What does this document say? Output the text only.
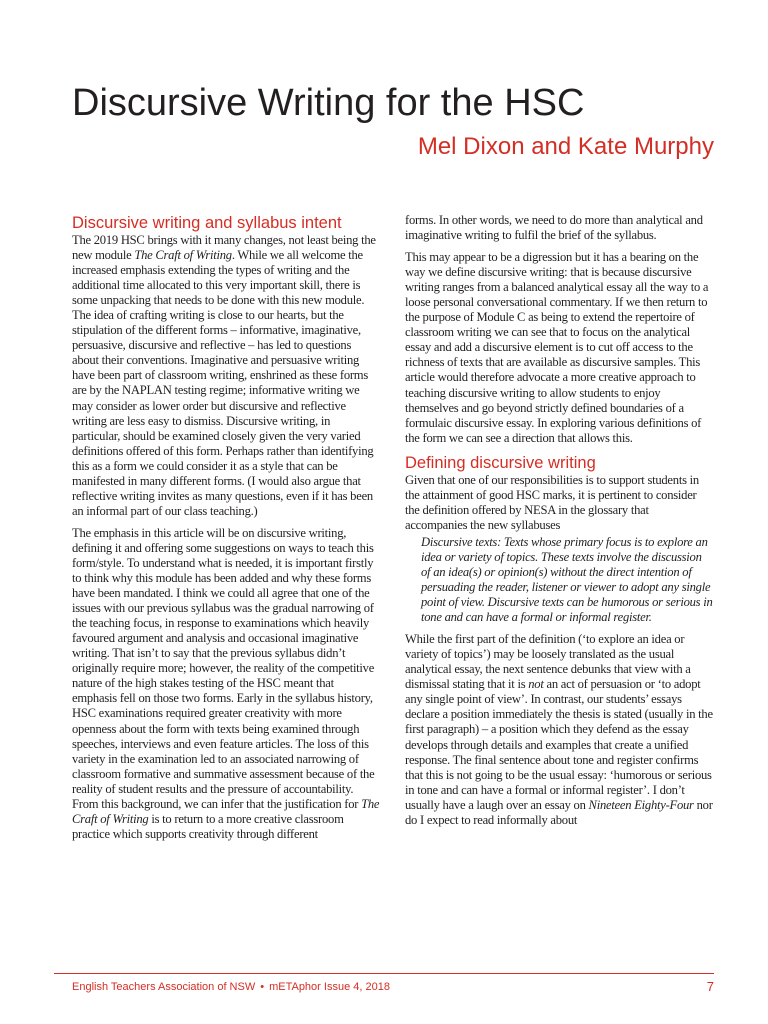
Discursive Writing for the HSC
Mel Dixon and Kate Murphy
Discursive writing and syllabus intent

The 2019 HSC brings with it many changes, not least being the new module The Craft of Writing. While we all welcome the increased emphasis extending the types of writing and the additional time allocated to this very important skill, there is some unpacking that needs to be done with this new module. The idea of crafting writing is close to our hearts, but the stipulation of the different forms – informative, imaginative, persuasive, discursive and reflective – has led to questions about their conventions. Imaginative and persuasive writing have been part of classroom writing, enshrined as these forms are by the NAPLAN testing regime; informative writing we may consider as lower order but discursive and reflective writing are less easy to dismiss. Discursive writing, in particular, should be examined closely given the very varied definitions offered of this form. Perhaps rather than identifying this as a form we could consider it as a style that can be manifested in many different forms. (I would also argue that reflective writing invites as many questions, even if it has been an informal part of our class teaching.)

The emphasis in this article will be on discursive writing, defining it and offering some suggestions on ways to teach this form/style. To understand what is needed, it is important firstly to think why this module has been added and why these forms have been mandated. I think we could all agree that one of the issues with our previous syllabus was the gradual narrowing of the teaching focus, in response to examinations which heavily favoured argument and analysis and occasional imaginative writing. That isn’t to say that the previous syllabus didn’t originally require more; however, the reality of the competitive nature of the high stakes testing of the HSC meant that emphasis fell on those two forms. Early in the syllabus history, HSC examinations required greater creativity with more openness about the form with texts being examined through speeches, interviews and even feature articles. The loss of this variety in the examination led to an associated narrowing of classroom formative and summative assessment because of the reality of student results and the pressure of accountability. From this background, we can infer that the justification for The Craft of Writing is to return to a more creative classroom practice which supports creativity through different

forms. In other words, we need to do more than analytical and imaginative writing to fulfil the brief of the syllabus.

This may appear to be a digression but it has a bearing on the way we define discursive writing: that is because discursive writing ranges from a balanced analytical essay all the way to a loose personal conversational commentary. If we then return to the purpose of Module C as being to extend the repertoire of classroom writing we can see that to focus on the analytical essay and add a discursive element is to cut off access to the richness of texts that are available as discursive samples. This article would therefore advocate a more creative approach to teaching discursive writing to allow students to enjoy themselves and go beyond strictly defined boundaries of a formulaic discursive essay. In exploring various definitions of the form we can see a direction that allows this.

Defining discursive writing

Given that one of our responsibilities is to support students in the attainment of good HSC marks, it is pertinent to consider the definition offered by NESA in the glossary that accompanies the new syllabuses

Discursive texts: Texts whose primary focus is to explore an idea or variety of topics. These texts involve the discussion of an idea(s) or opinion(s) without the direct intention of persuading the reader, listener or viewer to adopt any single point of view. Discursive texts can be humorous or serious in tone and can have a formal or informal register.

While the first part of the definition (‘to explore an idea or variety of topics’) may be loosely translated as the usual analytical essay, the next sentence debunks that view with a dismissal stating that it is not an act of persuasion or ‘to adopt any single point of view’. In contrast, our students’ essays declare a position immediately the thesis is stated (usually in the first paragraph) – a position which they defend as the essay develops through details and examples that create a unified response. The final sentence about tone and register confirms that this is not going to be the usual essay: ‘humorous or serious in tone and can have a formal or informal register’. I don’t usually have a laugh over an essay on Nineteen Eighty-Four nor do I expect to read informally about

English Teachers Association of NSW • mETAphor Issue 4, 2018	7
